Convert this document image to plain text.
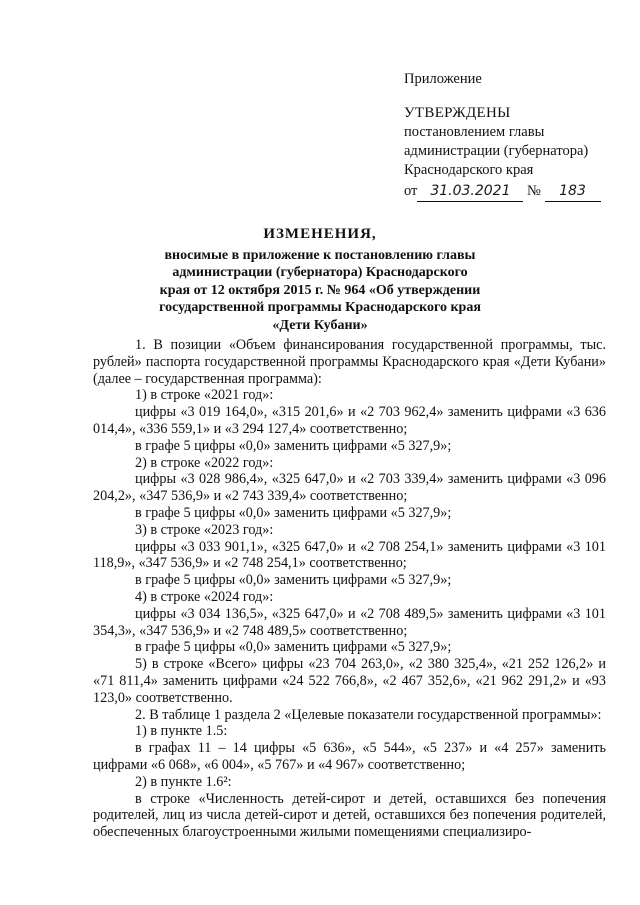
Приложение
УТВЕРЖДЕНЫ
постановлением главы
администрации (губернатора)
Краснодарского края
от 31.03.2021 № 183
ИЗМЕНЕНИЯ,
вносимые в приложение к постановлению главы
администрации (губернатора) Краснодарского
края от 12 октября 2015 г. № 964 «Об утверждении
государственной программы Краснодарского края
«Дети Кубани»

1. В позиции «Объем финансирования государственной программы, тыс. рублей» паспорта государственной программы Краснодарского края «Дети Кубани» (далее – государственная программа):

1) в строке «2021 год»:

цифры «3 019 164,0», «315 201,6» и «2 703 962,4» заменить цифрами «3 636 014,4», «336 559,1» и «3 294 127,4» соответственно;

в графе 5 цифры «0,0» заменить цифрами «5 327,9»;

2) в строке «2022 год»:

цифры «3 028 986,4», «325 647,0» и «2 703 339,4» заменить цифрами «3 096 204,2», «347 536,9» и «2 743 339,4» соответственно;

в графе 5 цифры «0,0» заменить цифрами «5 327,9»;

3) в строке «2023 год»:

цифры «3 033 901,1», «325 647,0» и «2 708 254,1» заменить цифрами «3 101 118,9», «347 536,9» и «2 748 254,1» соответственно;

в графе 5 цифры «0,0» заменить цифрами «5 327,9»;

4) в строке «2024 год»:

цифры «3 034 136,5», «325 647,0» и «2 708 489,5» заменить цифрами «3 101 354,3», «347 536,9» и «2 748 489,5» соответственно;

в графе 5 цифры «0,0» заменить цифрами «5 327,9»;

5) в строке «Всего» цифры «23 704 263,0», «2 380 325,4», «21 252 126,2» и «71 811,4» заменить цифрами «24 522 766,8», «2 467 352,6», «21 962 291,2» и «93 123,0» соответственно.

2. В таблице 1 раздела 2 «Целевые показатели государственной программы»:

1) в пункте 1.5:

в графах 11 – 14 цифры «5 636», «5 544», «5 237» и «4 257» заменить цифрами «6 068», «6 004», «5 767» и «4 967» соответственно;

2) в пункте 1.6²:

в строке «Численность детей-сирот и детей, оставшихся без попечения родителей, лиц из числа детей-сирот и детей, оставшихся без попечения родителей, обеспеченных благоустроенными жилыми помещениями специализиро-
